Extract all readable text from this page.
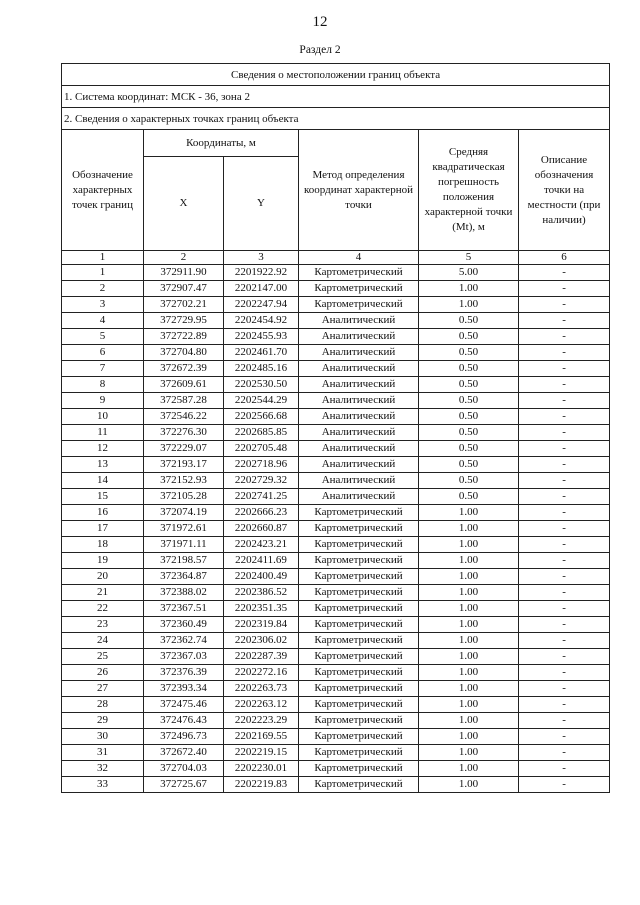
12
Раздел 2
Сведения о местоположении границ объекта					
1. Система координат: МСК - 36, зона 2					
2. Сведения о характерных точках границ объекта					
Обозначение характерных точек границ	Координаты, м		Метод определения координат характерной точки	Средняя квадратическая погрешность положения характерной точки (Mt), м	Описание обозначения точки на местности (при наличии)
	X	Y			
1	2	3	4	5	6
1	372911.90	2201922.92	Картометрический	5.00	-
2	372907.47	2202147.00	Картометрический	1.00	-
3	372702.21	2202247.94	Картометрический	1.00	-
4	372729.95	2202454.92	Аналитический	0.50	-
5	372722.89	2202455.93	Аналитический	0.50	-
6	372704.80	2202461.70	Аналитический	0.50	-
7	372672.39	2202485.16	Аналитический	0.50	-
8	372609.61	2202530.50	Аналитический	0.50	-
9	372587.28	2202544.29	Аналитический	0.50	-
10	372546.22	2202566.68	Аналитический	0.50	-
11	372276.30	2202685.85	Аналитический	0.50	-
12	372229.07	2202705.48	Аналитический	0.50	-
13	372193.17	2202718.96	Аналитический	0.50	-
14	372152.93	2202729.32	Аналитический	0.50	-
15	372105.28	2202741.25	Аналитический	0.50	-
16	372074.19	2202666.23	Картометрический	1.00	-
17	371972.61	2202660.87	Картометрический	1.00	-
18	371971.11	2202423.21	Картометрический	1.00	-
19	372198.57	2202411.69	Картометрический	1.00	-
20	372364.87	2202400.49	Картометрический	1.00	-
21	372388.02	2202386.52	Картометрический	1.00	-
22	372367.51	2202351.35	Картометрический	1.00	-
23	372360.49	2202319.84	Картометрический	1.00	-
24	372362.74	2202306.02	Картометрический	1.00	-
25	372367.03	2202287.39	Картометрический	1.00	-
26	372376.39	2202272.16	Картометрический	1.00	-
27	372393.34	2202263.73	Картометрический	1.00	-
28	372475.46	2202263.12	Картометрический	1.00	-
29	372476.43	2202223.29	Картометрический	1.00	-
30	372496.73	2202169.55	Картометрический	1.00	-
31	372672.40	2202219.15	Картометрический	1.00	-
32	372704.03	2202230.01	Картометрический	1.00	-
33	372725.67	2202219.83	Картометрический	1.00	-
